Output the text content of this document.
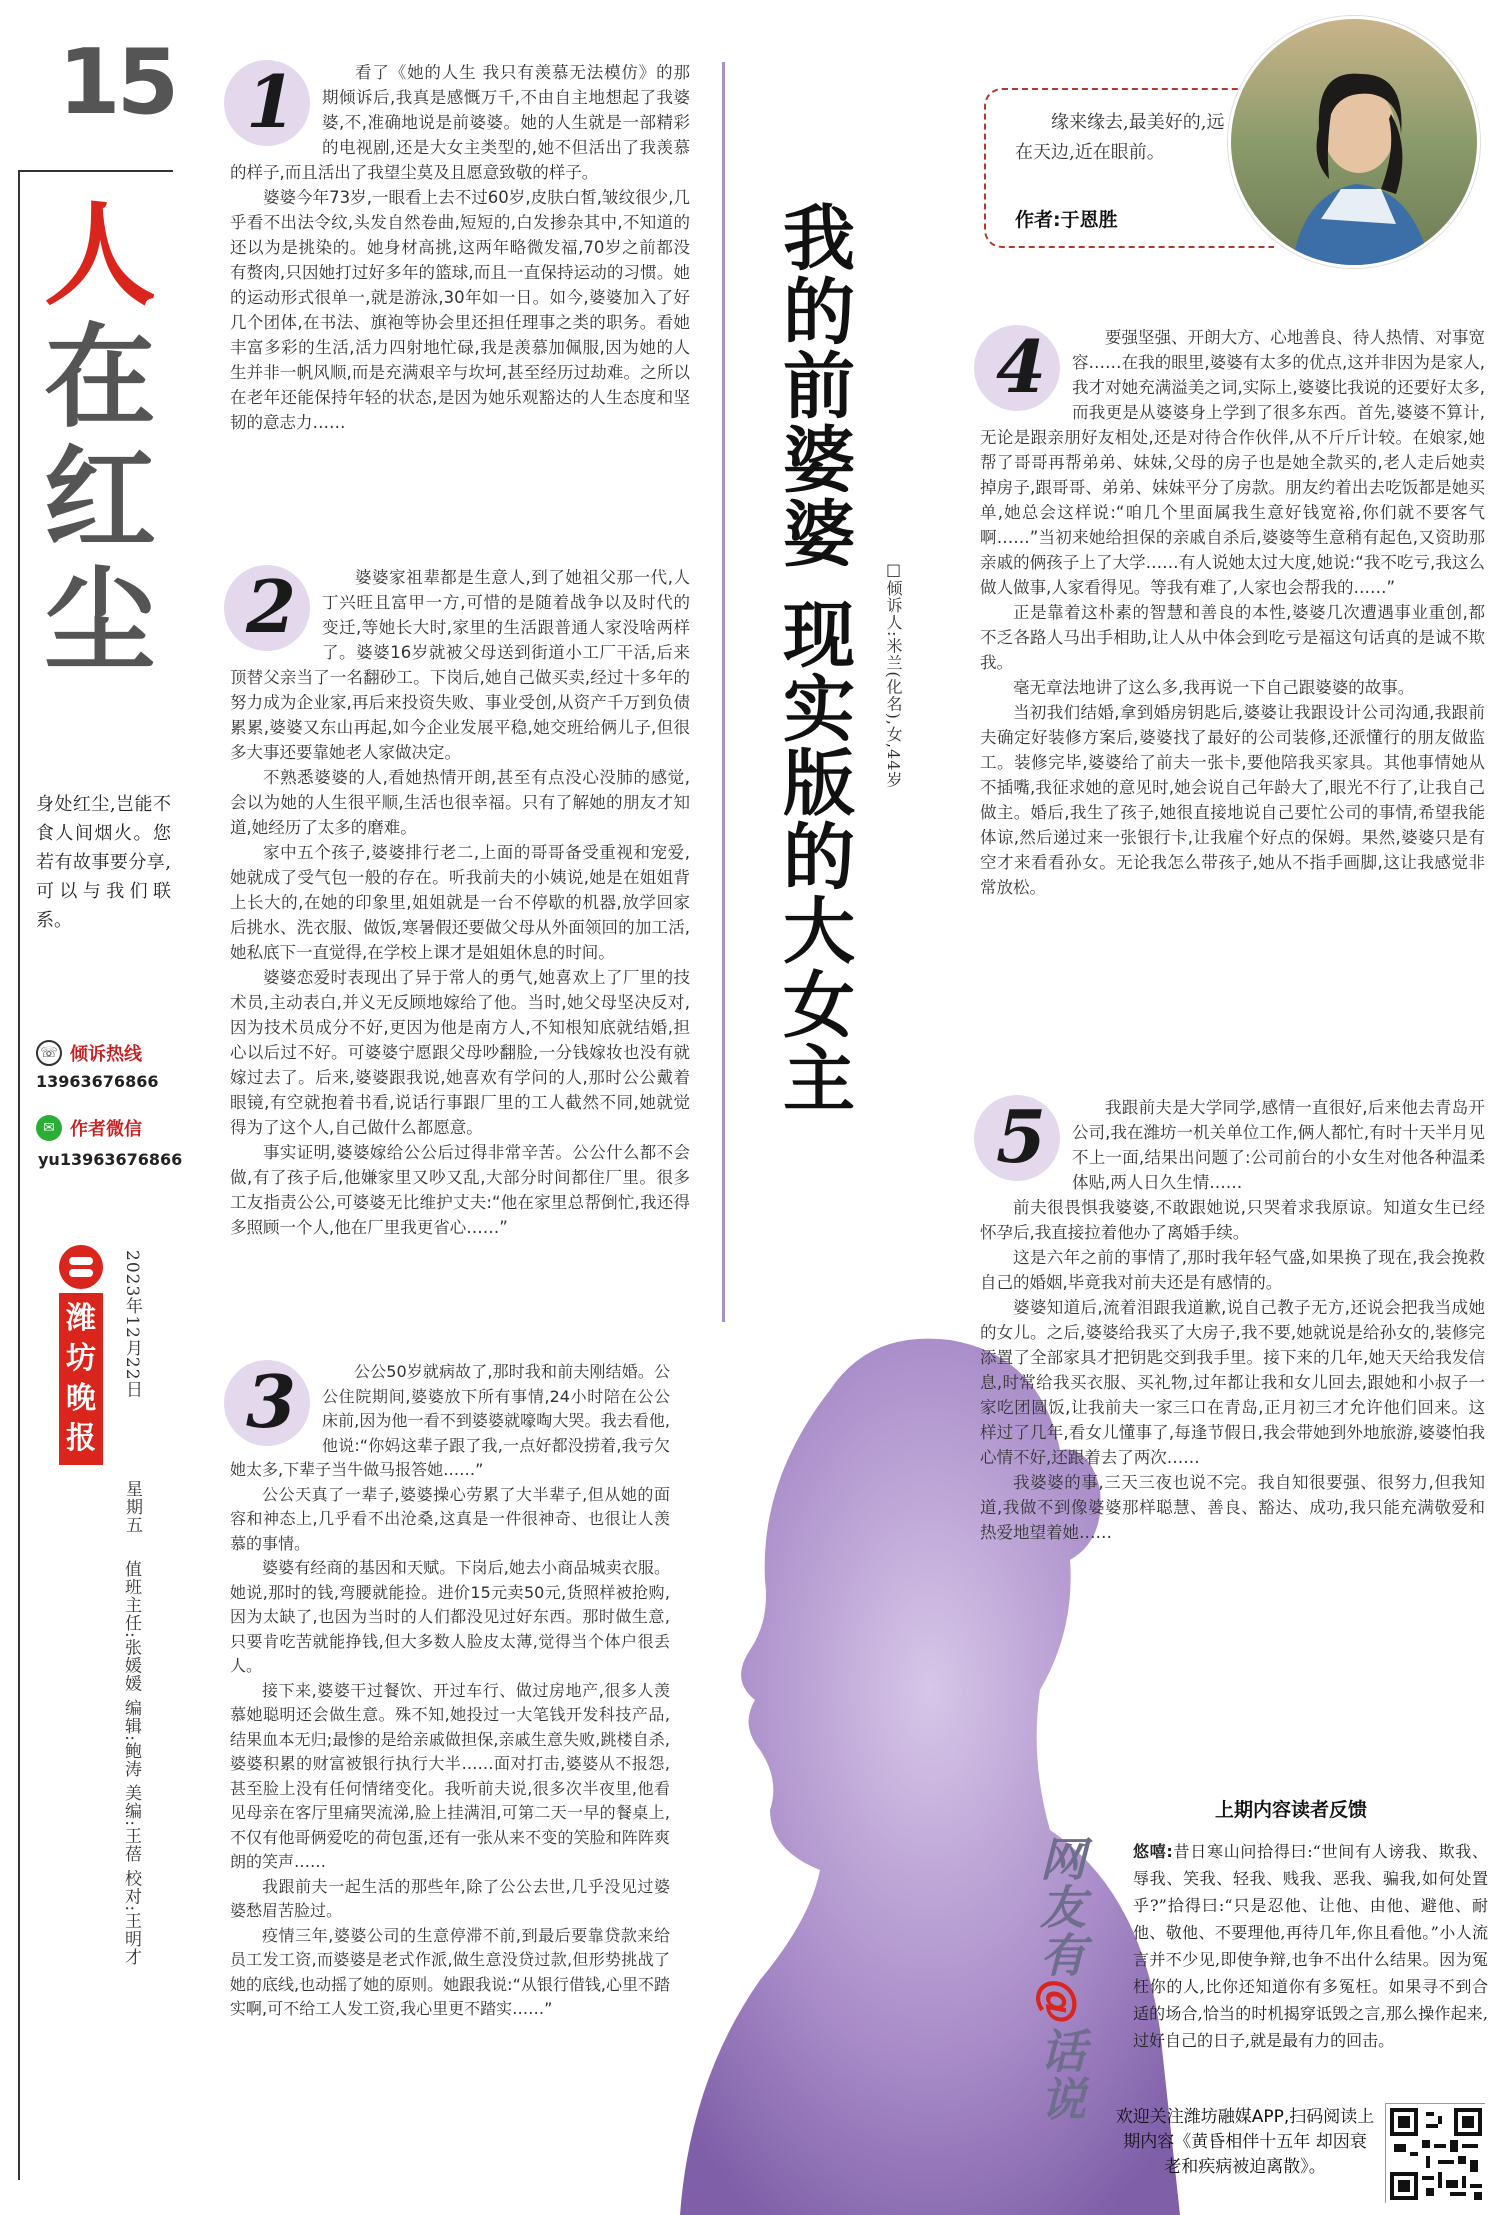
15
人
在
红
尘
身处红尘,岂能不食人间烟火。您若有故事要分享,可以与我们联系。
☏ 倾诉热线
13963676866
✉ 作者微信
yu13963676866
潍坊晚报
2023年12月22日
星期五
值班主任:张媛媛 编辑:鲍涛 美编:王蓓 校对:王明才
1	看了《她的人生 我只有羡慕无法模仿》的那期倾诉后,我真是感慨万千,不由自主地想起了我婆婆,不,准确地说是前婆婆。她的人生就是一部精彩的电视剧,还是大女主类型的,她不但活出了我羡慕的样子,而且活出了我望尘莫及且愿意致敬的样子。

婆婆今年73岁,一眼看上去不过60岁,皮肤白皙,皱纹很少,几乎看不出法令纹,头发自然卷曲,短短的,白发掺杂其中,不知道的还以为是挑染的。她身材高挑,这两年略微发福,70岁之前都没有赘肉,只因她打过好多年的篮球,而且一直保持运动的习惯。她的运动形式很单一,就是游泳,30年如一日。如今,婆婆加入了好几个团体,在书法、旗袍等协会里还担任理事之类的职务。看她丰富多彩的生活,活力四射地忙碌,我是羡慕加佩服,因为她的人生并非一帆风顺,而是充满艰辛与坎坷,甚至经历过劫难。之所以在老年还能保持年轻的状态,是因为她乐观豁达的人生态度和坚韧的意志力……

2	婆婆家祖辈都是生意人,到了她祖父那一代,人丁兴旺且富甲一方,可惜的是随着战争以及时代的变迁,等她长大时,家里的生活跟普通人家没啥两样了。婆婆16岁就被父母送到街道小工厂干活,后来顶替父亲当了一名翻砂工。下岗后,她自己做买卖,经过十多年的努力成为企业家,再后来投资失败、事业受创,从资产千万到负债累累,婆婆又东山再起,如今企业发展平稳,她交班给俩儿子,但很多大事还要靠她老人家做决定。

不熟悉婆婆的人,看她热情开朗,甚至有点没心没肺的感觉,会以为她的人生很平顺,生活也很幸福。只有了解她的朋友才知道,她经历了太多的磨难。

家中五个孩子,婆婆排行老二,上面的哥哥备受重视和宠爱,她就成了受气包一般的存在。听我前夫的小姨说,她是在姐姐背上长大的,在她的印象里,姐姐就是一台不停歇的机器,放学回家后挑水、洗衣服、做饭,寒暑假还要做父母从外面领回的加工活,她私底下一直觉得,在学校上课才是姐姐休息的时间。

婆婆恋爱时表现出了异于常人的勇气,她喜欢上了厂里的技术员,主动表白,并义无反顾地嫁给了他。当时,她父母坚决反对,因为技术员成分不好,更因为他是南方人,不知根知底就结婚,担心以后过不好。可婆婆宁愿跟父母吵翻脸,一分钱嫁妆也没有就嫁过去了。后来,婆婆跟我说,她喜欢有学问的人,那时公公戴着眼镜,有空就抱着书看,说话行事跟厂里的工人截然不同,她就觉得为了这个人,自己做什么都愿意。

事实证明,婆婆嫁给公公后过得非常辛苦。公公什么都不会做,有了孩子后,他嫌家里又吵又乱,大部分时间都住厂里。很多工友指责公公,可婆婆无比维护丈夫:“他在家里总帮倒忙,我还得多照顾一个人,他在厂里我更省心……”

3	公公50岁就病故了,那时我和前夫刚结婚。公公住院期间,婆婆放下所有事情,24小时陪在公公床前,因为他一看不到婆婆就嚎啕大哭。我去看他,他说:“你妈这辈子跟了我,一点好都没捞着,我亏欠她太多,下辈子当牛做马报答她……”

公公天真了一辈子,婆婆操心劳累了大半辈子,但从她的面容和神态上,几乎看不出沧桑,这真是一件很神奇、也很让人羡慕的事情。

婆婆有经商的基因和天赋。下岗后,她去小商品城卖衣服。她说,那时的钱,弯腰就能捡。进价15元卖50元,货照样被抢购,因为太缺了,也因为当时的人们都没见过好东西。那时做生意,只要肯吃苦就能挣钱,但大多数人脸皮太薄,觉得当个体户很丢人。

接下来,婆婆干过餐饮、开过车行、做过房地产,很多人羡慕她聪明还会做生意。殊不知,她投过一大笔钱开发科技产品,结果血本无归;最惨的是给亲戚做担保,亲戚生意失败,跳楼自杀,婆婆积累的财富被银行执行大半……面对打击,婆婆从不报怨,甚至脸上没有任何情绪变化。我听前夫说,很多次半夜里,他看见母亲在客厅里痛哭流涕,脸上挂满泪,可第二天一早的餐桌上,不仅有他哥俩爱吃的荷包蛋,还有一张从来不变的笑脸和阵阵爽朗的笑声……

我跟前夫一起生活的那些年,除了公公去世,几乎没见过婆婆愁眉苦脸过。

疫情三年,婆婆公司的生意停滞不前,到最后要靠贷款来给员工发工资,而婆婆是老式作派,做生意没贷过款,但形势挑战了她的底线,也动摇了她的原则。她跟我说:“从银行借钱,心里不踏实啊,可不给工人发工资,我心里更不踏实……”

我的前婆婆 现实版的大女主 □倾诉人:米兰(化名),女,44岁
缘来缘去,最美好的,远在天边,近在眼前。
作者:于恩胜
4	要强坚强、开朗大方、心地善良、待人热情、对事宽容……在我的眼里,婆婆有太多的优点,这并非因为是家人,我才对她充满溢美之词,实际上,婆婆比我说的还要好太多,而我更是从婆婆身上学到了很多东西。首先,婆婆不算计,无论是跟亲朋好友相处,还是对待合作伙伴,从不斤斤计较。在娘家,她帮了哥哥再帮弟弟、妹妹,父母的房子也是她全款买的,老人走后她卖掉房子,跟哥哥、弟弟、妹妹平分了房款。朋友约着出去吃饭都是她买单,她总会这样说:“咱几个里面属我生意好钱宽裕,你们就不要客气啊……”当初来她给担保的亲戚自杀后,婆婆等生意稍有起色,又资助那亲戚的俩孩子上了大学……有人说她太过大度,她说:“我不吃亏,我这么做人做事,人家看得见。等我有难了,人家也会帮我的……”

正是靠着这朴素的智慧和善良的本性,婆婆几次遭遇事业重创,都不乏各路人马出手相助,让人从中体会到吃亏是福这句话真的是诚不欺我。

毫无章法地讲了这么多,我再说一下自己跟婆婆的故事。

当初我们结婚,拿到婚房钥匙后,婆婆让我跟设计公司沟通,我跟前夫确定好装修方案后,婆婆找了最好的公司装修,还派懂行的朋友做监工。装修完毕,婆婆给了前夫一张卡,要他陪我买家具。其他事情她从不插嘴,我征求她的意见时,她会说自己年龄大了,眼光不行了,让我自己做主。婚后,我生了孩子,她很直接地说自己要忙公司的事情,希望我能体谅,然后递过来一张银行卡,让我雇个好点的保姆。果然,婆婆只是有空才来看看孙女。无论我怎么带孩子,她从不指手画脚,这让我感觉非常放松。

5	我跟前夫是大学同学,感情一直很好,后来他去青岛开公司,我在潍坊一机关单位工作,俩人都忙,有时十天半月见不上一面,结果出问题了:公司前台的小女生对他各种温柔体贴,两人日久生情……

前夫很畏惧我婆婆,不敢跟她说,只哭着求我原谅。知道女生已经怀孕后,我直接拉着他办了离婚手续。

这是六年之前的事情了,那时我年轻气盛,如果换了现在,我会挽救自己的婚姻,毕竟我对前夫还是有感情的。

婆婆知道后,流着泪跟我道歉,说自己教子无方,还说会把我当成她的女儿。之后,婆婆给我买了大房子,我不要,她就说是给孙女的,装修完添置了全部家具才把钥匙交到我手里。接下来的几年,她天天给我发信息,时常给我买衣服、买礼物,过年都让我和女儿回去,跟她和小叔子一家吃团圆饭,让我前夫一家三口在青岛,正月初三才允许他们回来。这样过了几年,看女儿懂事了,每逢节假日,我会带她到外地旅游,婆婆怕我心情不好,还跟着去了两次……

我婆婆的事,三天三夜也说不完。我自知很要强、很努力,但我知道,我做不到像婆婆那样聪慧、善良、豁达、成功,我只能充满敬爱和热爱地望着她……

上期内容读者反馈
网友有@话说
悠嘻:昔日寒山问拾得曰:“世间有人谤我、欺我、辱我、笑我、轻我、贱我、恶我、骗我,如何处置乎?”拾得曰:“只是忍他、让他、由他、避他、耐他、敬他、不要理他,再待几年,你且看他。”小人流言并不少见,即使争辩,也争不出什么结果。因为冤枉你的人,比你还知道你有多冤枉。如果寻不到合适的场合,恰当的时机揭穿诋毁之言,那么操作起来,过好自己的日子,就是最有力的回击。
欢迎关注潍坊融媒APP,扫码阅读上期内容《黄昏相伴十五年 却因衰老和疾病被迫离散》。
